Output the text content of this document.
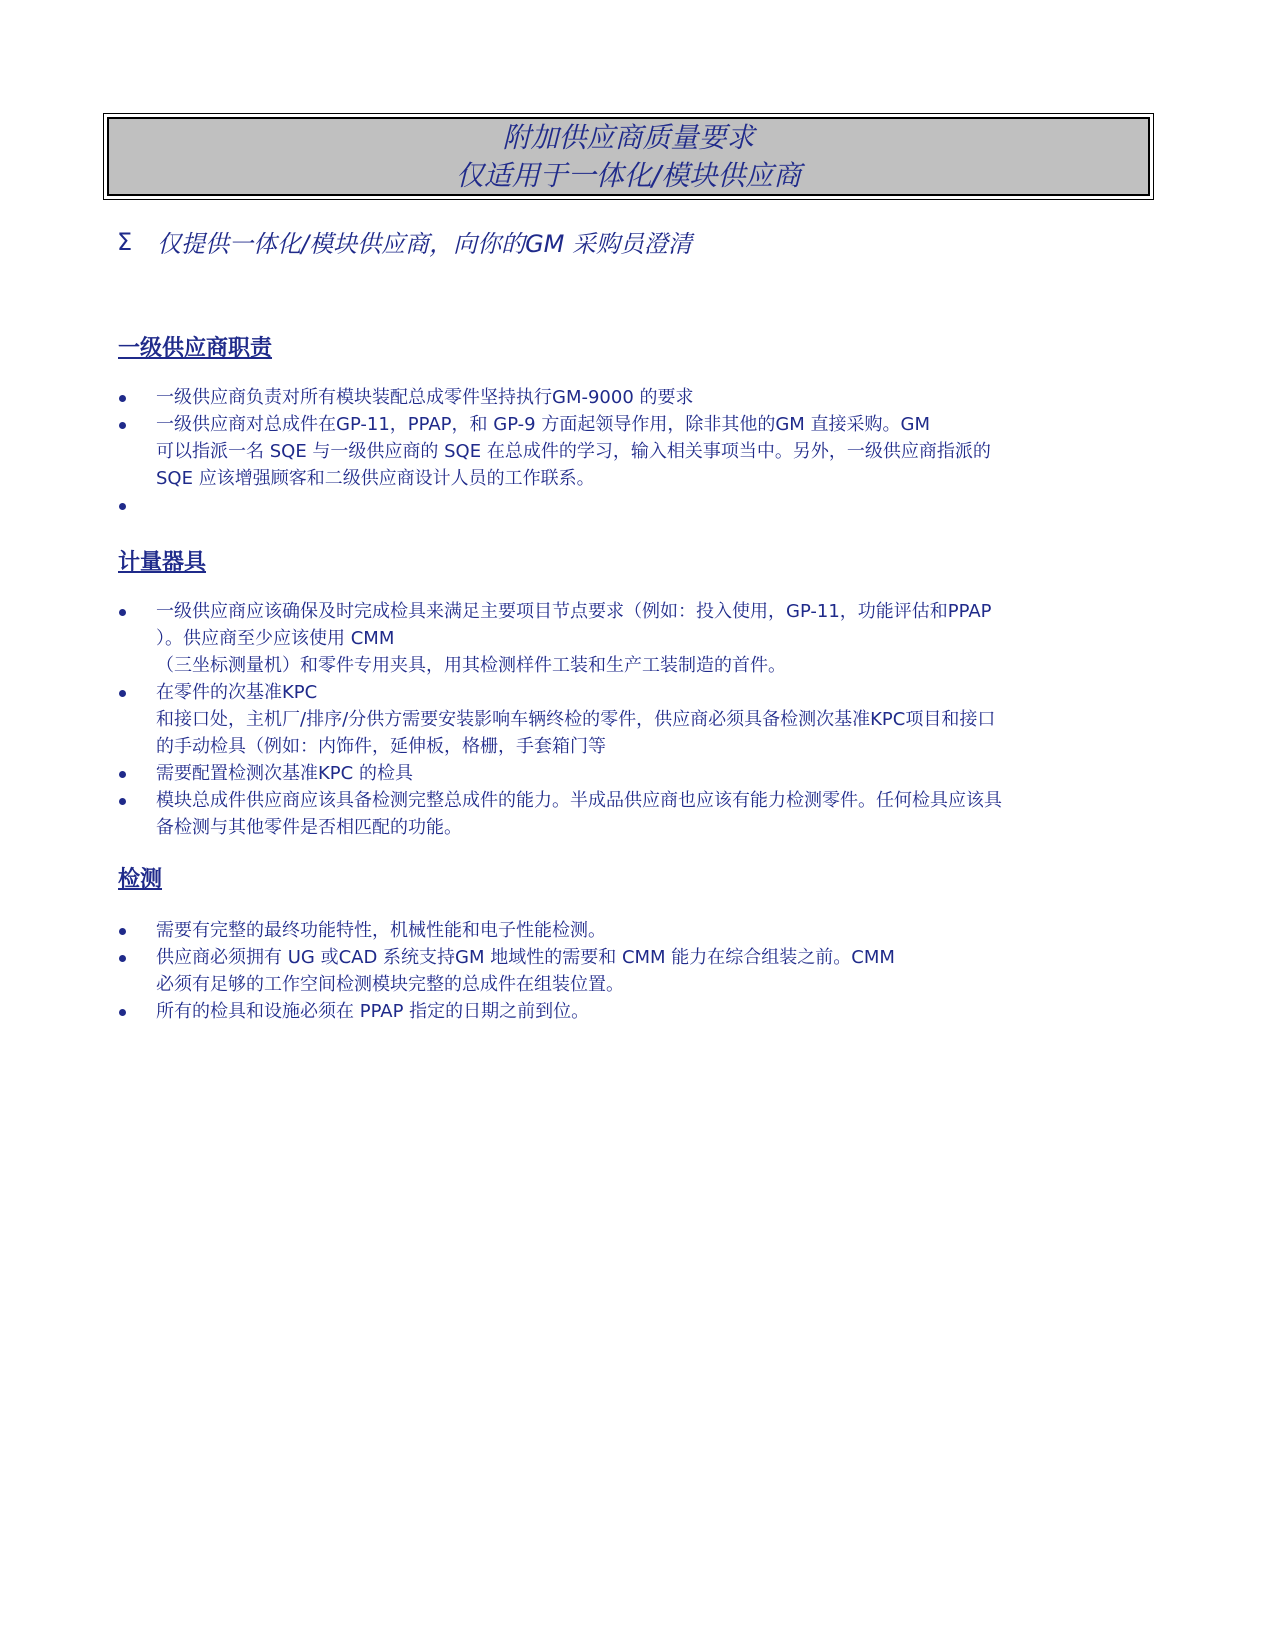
附加供应商质量要求
仅适用于一体化/模块供应商
Σ	仅提供一体化/模块供应商，向你的GM 采购员澄清
一级供应商职责
一级供应商负责对所有模块装配总成零件坚持执行GM-9000 的要求
一级供应商对总成件在GP-11，PPAP，和 GP-9 方面起领导作用，除非其他的GM 直接采购。GM
可以指派一名 SQE 与一级供应商的 SQE 在总成件的学习，输入相关事项当中。另外，一级供应商指派的
SQE 应该增强顾客和二级供应商设计人员的工作联系。

计量器具
一级供应商应该确保及时完成检具来满足主要项目节点要求（例如：投入使用，GP-11，功能评估和PPAP
）。供应商至少应该使用 CMM
（三坐标测量机）和零件专用夹具，用其检测样件工装和生产工装制造的首件。
在零件的次基准KPC
和接口处，主机厂/排序/分供方需要安装影响车辆终检的零件，供应商必须具备检测次基准KPC项目和接口
的手动检具（例如：内饰件，延伸板，格栅，手套箱门等
需要配置检测次基准KPC 的检具
模块总成件供应商应该具备检测完整总成件的能力。半成品供应商也应该有能力检测零件。任何检具应该具
备检测与其他零件是否相匹配的功能。
检测
需要有完整的最终功能特性，机械性能和电子性能检测。
供应商必须拥有 UG 或CAD 系统支持GM 地域性的需要和 CMM 能力在综合组装之前。CMM
必须有足够的工作空间检测模块完整的总成件在组装位置。
所有的检具和设施必须在 PPAP 指定的日期之前到位。
